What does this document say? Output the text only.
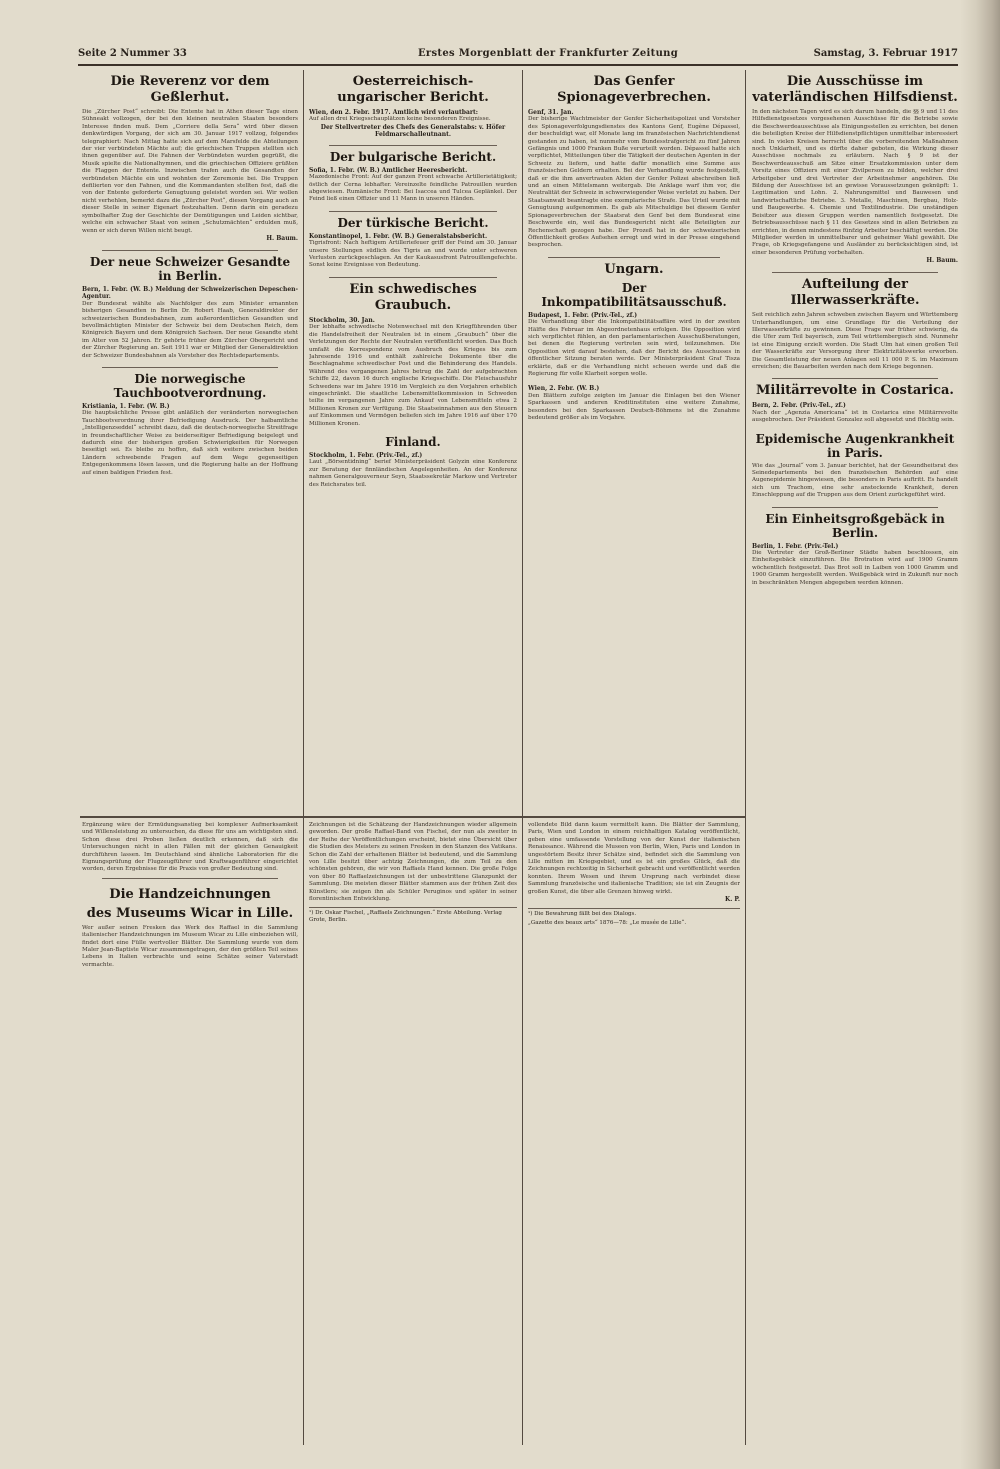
Seite 2 Nummer 33	Erstes Morgenblatt der Frankfurter Zeitung	Samstag, 3. Februar 1917
Die Reverenz vor dem Geßlerhut.

Die „Zürcher Post“ schreibt: Die Entente hat in Athen dieser Tage einen Sühneakt vollzogen, der bei den kleinen neutralen Staaten besonders Interesse finden muß. Dem „Corriere della Sera“ wird über diesen denkwürdigen Vorgang, der sich am 30. Januar 1917 vollzog, folgendes telegraphiert: Nach Mittag hatte sich auf dem Marsfelde die Abteilungen der vier verbündeten Mächte auf; die griechischen Truppen stellten sich ihnen gegenüber auf. Die Fahnen der Verbündeten wurden gegrüßt, die Musik spielte die Nationalhymnen, und die griechischen Offiziere grüßten die Flaggen der Entente. Inzwischen trafen auch die Gesandten der verbündeten Mächte ein und wohnten der Zeremonie bei. Die Truppen defilierten vor den Fahnen, und die Kommandanten stellten fest, daß die von der Entente geforderte Genugtuung geleistet worden sei. Wir wollen nicht verhehlen, bemerkt dazu die „Zürcher Post“, diesen Vorgang auch an dieser Stelle in seiner Eigenart festzuhalten. Denn darin ein geradezu symbolhafter Zug der Geschichte der Demütigungen und Leiden sichtbar, welche ein schwacher Staat von seinen „Schutzmächten“ erdulden muß, wenn er sich deren Willen nicht beugt.

H. Baum.
Der neue Schweizer Gesandte in Berlin.

Bern, 1. Febr. (W. B.) Meldung der Schweizerischen Depeschen-Agentur.

Der Bundesrat wählte als Nachfolger des zum Minister ernannten bisherigen Gesandten in Berlin Dr. Robert Haab, Generaldirektor der schweizerischen Bundesbahnen, zum außerordentlichen Gesandten und bevollmächtigten Minister der Schweiz bei dem Deutschen Reich, dem Königreich Bayern und dem Königreich Sachsen. Der neue Gesandte steht im Alter von 52 Jahren. Er gehörte früher dem Zürcher Obergericht und der Zürcher Regierung an. Seit 1911 war er Mitglied der Generaldirektion der Schweizer Bundesbahnen als Vorsteher des Rechtsdepartements.

Die norwegische Tauchbootverordnung.

Kristiania, 1. Febr. (W. B.)

Die hauptsächliche Presse gibt anläßlich der veränderten norwegischen Tauchbootverordnung ihrer Befriedigung Ausdruck. Der halbamtliche „Intelligenzseddel“ schreibt dazu, daß die deutsch-norwegische Streitfrage in freundschaftlicher Weise zu beiderseitiger Befriedigung beigelegt und dadurch eine der bisherigen großen Schwierigkeiten für Norwegen beseitigt sei. Es bleibe zu hoffen, daß sich weitere zwischen beiden Ländern schwebende Fragen auf dem Wege gegenseitigen Entgegenkommens lösen lassen, und die Regierung halte an der Hoffnung auf einen baldigen Frieden fest.

Oesterreichisch-ungarischer Bericht.

Wien, den 2. Febr. 1917. Amtlich wird verlautbart:

Auf allen drei Kriegsschauplätzen keine besonderen Ereignisse.

Der Stellvertreter des Chefs des Generalstabs: v. Höfer Feldmarschalleutnant.
Der bulgarische Bericht.

Sofia, 1. Febr. (W. B.) Amtlicher Heeresbericht.

Mazedonische Front: Auf der ganzen Front schwache Artillerietätigkeit; östlich der Cerna lebhafter. Vereinzelte feindliche Patrouillen wurden abgewiesen. Rumänische Front: Bei Isaccea und Tulcea Geplänkel. Der Feind ließ einen Offizier und 11 Mann in unseren Händen.

Der türkische Bericht.

Konstantinopel, 1. Febr. (W. B.) Generalstabsbericht.

Tigrisfront: Nach heftigem Artilleriefeuer griff der Feind am 30. Januar unsere Stellungen südlich des Tigris an und wurde unter schweren Verlusten zurückgeschlagen. An der Kaukasusfront Patrouillengefechte. Sonst keine Ereignisse von Bedeutung.

Ein schwedisches Graubuch.

Stockholm, 30. Jan.

Der lebhafte schwedische Notenwechsel mit den Kriegführenden über die Handelsfreiheit der Neutralen ist in einem „Graubuch“ über die Verletzungen der Rechte der Neutralen veröffentlicht worden. Das Buch umfaßt die Korrespondenz vom Ausbruch des Krieges bis zum Jahresende 1916 und enthält zahlreiche Dokumente über die Beschlagnahme schwedischer Post und die Behinderung des Handels. Während des vergangenen Jahres betrug die Zahl der aufgebrachten Schiffe 22, davon 16 durch englische Kriegsschiffe. Die Fleischausfuhr Schwedens war im Jahre 1916 im Vergleich zu den Vorjahren erheblich eingeschränkt. Die staatliche Lebensmittelkommission in Schweden teilte im vergangenen Jahre zum Ankauf von Lebensmitteln etwa 2 Millionen Kronen zur Verfügung. Die Staatseinnahmen aus den Steuern auf Einkommen und Vermögen beliefen sich im Jahre 1916 auf über 170 Millionen Kronen.

Finland.

Stockholm, 1. Febr. (Priv.-Tel., zf.)

Laut „Börsentidning“ berief Ministerpräsident Golyzin eine Konferenz zur Beratung der finnländischen Angelegenheiten. An der Konferenz nahmen Generalgouverneur Seyn, Staatssekretär Markow und Vertreter des Reichsrates teil.

Das Genfer Spionageverbrechen.

Genf, 31. Jan.

Der bisherige Wachtmeister der Genfer Sicherheitspolizei und Vorsteher des Spionageverfolgungsdienstes des Kantons Genf, Eugène Dépassel, der beschuldigt war, elf Monate lang im französischen Nachrichtendienst gestanden zu haben, ist nunmehr vom Bundesstrafgericht zu fünf Jahren Gefängnis und 1000 Franken Buße verurteilt worden. Dépassel hatte sich verpflichtet, Mitteilungen über die Tätigkeit der deutschen Agenten in der Schweiz zu liefern, und hatte dafür monatlich eine Summe aus französischen Geldern erhalten. Bei der Verhandlung wurde festgestellt, daß er die ihm anvertrauten Akten der Genfer Polizei abschreiben ließ und an einen Mittelsmann weitergab. Die Anklage warf ihm vor, die Neutralität der Schweiz in schwerwiegender Weise verletzt zu haben. Der Staatsanwalt beantragte eine exemplarische Strafe. Das Urteil wurde mit Genugtuung aufgenommen. Es gab als Mitschuldige bei diesem Genfer Spionageverbrechen der Staatsrat den Genf bei dem Bundesrat eine Beschwerde ein, weil das Bundesgericht nicht alle Beteiligten zur Rechenschaft gezogen habe. Der Prozeß hat in der schweizerischen Öffentlichkeit großes Aufsehen erregt und wird in der Presse eingehend besprochen.

Ungarn.
Der Inkompatibilitätsausschuß.

Budapest, 1. Febr. (Priv.-Tel., zf.)

Die Verhandlung über die Inkompatibilitätsaffäre wird in der zweiten Hälfte des Februar im Abgeordnetenhaus erfolgen. Die Opposition wird sich verpflichtet fühlen, an den parlamentarischen Ausschußberatungen, bei denen die Regierung vertreten sein wird, teilzunehmen. Die Opposition wird darauf bestehen, daß der Bericht des Ausschusses in öffentlicher Sitzung beraten werde. Der Ministerpräsident Graf Tisza erklärte, daß er die Verhandlung nicht scheuen werde und daß die Regierung für volle Klarheit sorgen wolle.

Wien, 2. Febr. (W. B.)

Den Blättern zufolge zeigten im Januar die Einlagen bei den Wiener Sparkassen und anderen Kreditinstituten eine weitere Zunahme, besonders bei den Sparkassen Deutsch-Böhmens ist die Zunahme bedeutend größer als im Vorjahre.

Die Ausschüsse im vaterländischen Hilfsdienst.

In den nächsten Tagen wird es sich darum handeln, die §§ 9 und 11 des Hilfsdienstgesetzes vorgesehenen Ausschüsse für die Betriebe sowie die Beschwerdeausschüsse als Einigungsstellen zu errichten, bei denen die beteiligten Kreise der Hilfsdienstpflichtigen unmittelbar interessiert sind. In vielen Kreisen herrscht über die vorbereitenden Maßnahmen noch Unklarheit, und es dürfte daher geboten, die Wirkung dieser Ausschüsse nochmals zu erläutern. Nach § 9 ist der Beschwerdeausschuß am Sitze einer Ersatzkommission unter dem Vorsitz eines Offiziers mit einer Zivilperson zu bilden, welcher drei Arbeitgeber und drei Vertreter der Arbeitnehmer angehören. Die Bildung der Ausschüsse ist an gewisse Voraussetzungen geknüpft: 1. Legitimation und Lohn. 2. Nahrungsmittel und Bauwesen und landwirtschaftliche Betriebe. 3. Metalle, Maschinen, Bergbau, Holz- und Baugewerbe. 4. Chemie und Textilindustrie. Die unständigen Beisitzer aus diesen Gruppen werden namentlich festgesetzt. Die Betriebsausschüsse nach § 11 des Gesetzes sind in allen Betrieben zu errichten, in denen mindestens fünfzig Arbeiter beschäftigt werden. Die Mitglieder werden in unmittelbarer und geheimer Wahl gewählt. Die Frage, ob Kriegsgefangene und Ausländer zu berücksichtigen sind, ist einer besonderen Prüfung vorbehalten.

H. Baum.
Aufteilung der Illerwasserkräfte.

Seit reichlich zehn Jahren schweben zwischen Bayern und Württemberg Unterhandlungen, um eine Grundlage für die Verteilung der Illerwasserkräfte zu gewinnen. Diese Frage war früher schwierig, da die Ufer zum Teil bayerisch, zum Teil württembergisch sind. Nunmehr ist eine Einigung erzielt worden. Die Stadt Ulm hat einen großen Teil der Wasserkräfte zur Versorgung ihrer Elektrizitätswerke erworben. Die Gesamtleistung der neuen Anlagen soll 11 000 P. S. im Maximum erreichen; die Bauarbeiten werden nach dem Kriege begonnen.

Militärrevolte in Costarica.

Bern, 2. Febr. (Priv.-Tel., zf.)

Nach der „Agenzia Americana“ ist in Costarica eine Militärrevolte ausgebrochen. Der Präsident Gonzalez soll abgesetzt und flüchtig sein.

Epidemische Augenkrankheit in Paris.

Wie das „Journal“ vom 3. Januar berichtet, hat der Gesundheitsrat des Seinedepartements bei den französischen Behörden auf eine Augenepidemie hingewiesen, die besonders in Paris auftritt. Es handelt sich um Trachom, eine sehr ansteckende Krankheit, deren Einschleppung auf die Truppen aus dem Orient zurückgeführt wird.

Ein Einheitsgroßgebäck in Berlin.

Berlin, 1. Febr. (Priv.-Tel.)

Die Vertreter der Groß-Berliner Städte haben beschlossen, ein Einheitsgebäck einzuführen. Die Brotration wird auf 1900 Gramm wöchentlich festgesetzt. Das Brot soll in Laiben von 1000 Gramm und 1900 Gramm hergestellt werden. Weißgebäck wird in Zukunft nur noch in beschränkten Mengen abgegeben werden können.

Ergänzung wäre der Ermüdungsanstieg bei komplexer Aufmerksamkeit und Willensleistung zu untersuchen, da diese für uns am wichtigsten sind. Schon diese drei Proben ließen deutlich erkennen, daß sich die Untersuchungen nicht in allen Fällen mit der gleichen Genauigkeit durchführen lassen. Im Deutschland sind ähnliche Laboratorien für die Eignungsprüfung der Flugzeugführer und Kraftwagenführer eingerichtet worden, deren Ergebnisse für die Praxis von großer Bedeutung sind.

Die Handzeichnungen
des Museums Wicar in Lille.

Wer außer seinen Fresken das Werk des Raffael in die Sammlung italienischer Handzeichnungen im Museum Wicar zu Lille einbeziehen will, findet dort eine Fülle wertvoller Blätter. Die Sammlung wurde von dem Maler Jean-Baptiste Wicar zusammengetragen, der den größten Teil seines Lebens in Italien verbrachte und seine Schätze seiner Vaterstadt vermachte.

Zeichnungen ist die Schätzung der Handzeichnungen wieder allgemein geworden. Der große Raffael-Band von Fischel, der nun als zweiter in der Reihe der Veröffentlichungen erscheint, bietet eine Übersicht über die Studien des Meisters zu seinen Fresken in den Stanzen des Vatikans. Schon die Zahl der erhaltenen Blätter ist bedeutend, und die Sammlung von Lille besitzt über achtzig Zeichnungen, die zum Teil zu den schönsten gehören, die wir von Raffaels Hand kennen. Die große Folge von über 80 Raffaelzeichnungen ist der unbestrittene Glanzpunkt der Sammlung. Die meisten dieser Blätter stammen aus der frühen Zeit des Künstlers; sie zeigen ihn als Schüler Peruginos und später in seiner florentinischen Entwicklung.

¹) Dr. Oskar Fischel, „Raffaels Zeichnungen.“ Erste Abteilung. Verlag Grote, Berlin.

vollendete Bild dann kaum vermittelt kann. Die Blätter der Sammlung, Paris, Wien und London in einem reichhaltigen Katalog veröffentlicht, geben eine umfassende Vorstellung von der Kunst der italienischen Renaissance. Während die Museen von Berlin, Wien, Paris und London in ungestörtem Besitz ihrer Schätze sind, befindet sich die Sammlung von Lille mitten im Kriegsgebiet, und es ist ein großes Glück, daß die Zeichnungen rechtzeitig in Sicherheit gebracht und veröffentlicht werden konnten. Ihrem Wesen und ihrem Ursprung nach verbindet diese Sammlung französische und italienische Tradition; sie ist ein Zeugnis der großen Kunst, die über alle Grenzen hinweg wirkt.

K. P.
¹) Die Bewahrung fällt bei des Dialogs.
„Gazette des beaux arts“ 1876—78: „Le musée de Lille“.
